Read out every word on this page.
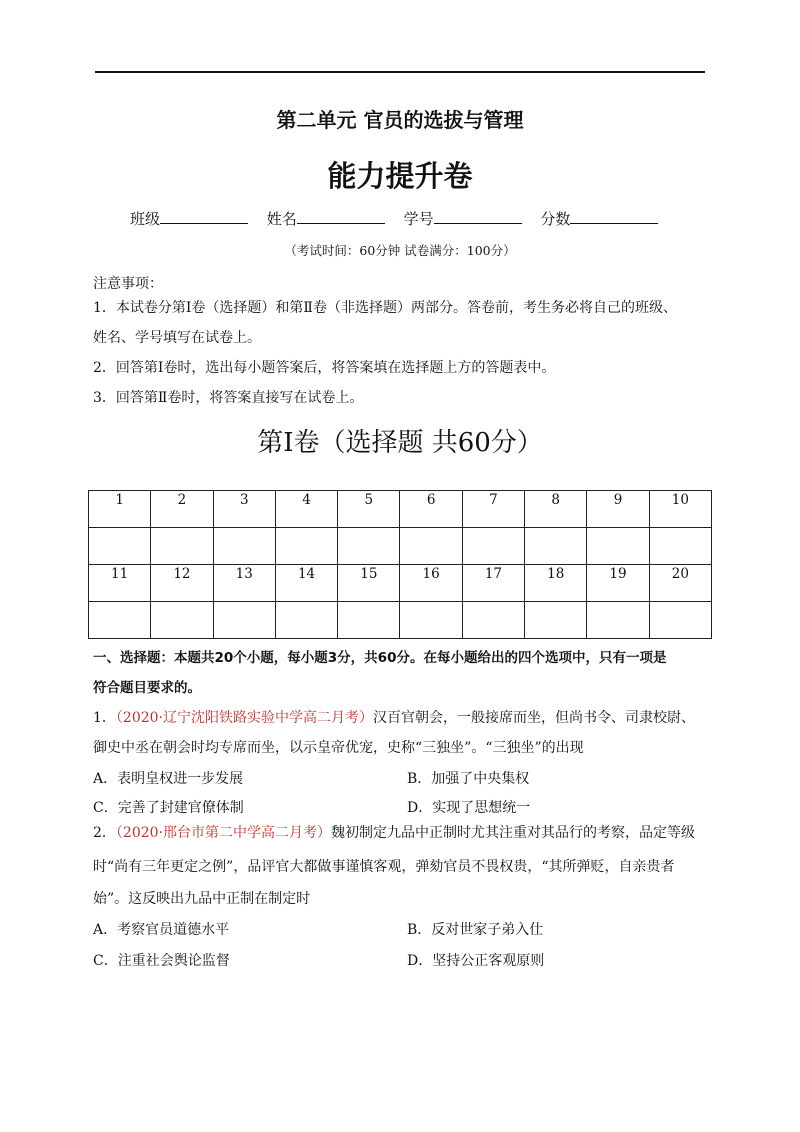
第二单元 官员的选拔与管理
能力提升卷
班级	姓名	学号	分数
（考试时间：60分钟 试卷满分：100分）
注意事项：
1．本试卷分第Ⅰ卷（选择题）和第Ⅱ卷（非选择题）两部分。答卷前，考生务必将自己的班级、
姓名、学号填写在试卷上。
2．回答第Ⅰ卷时，选出每小题答案后，将答案填在选择题上方的答题表中。
3．回答第Ⅱ卷时，将答案直接写在试卷上。
第Ⅰ卷（选择题 共60分）
1	2	3	4	5	6	7	8	9	10

11	12	13	14	15	16	17	18	19	20

一、选择题：本题共20个小题，每小题3分，共60分。在每小题给出的四个选项中，只有一项是
符合题目要求的。
1．（2020·辽宁沈阳铁路实验中学高二月考）汉百官朝会，一般接席而坐，但尚书令、司隶校尉、
御史中丞在朝会时均专席而坐，以示皇帝优宠，史称“三独坐”。“三独坐”的出现
A．表明皇权进一步发展	B．加强了中央集权
C．完善了封建官僚体制	D．实现了思想统一
2．（2020·邢台市第二中学高二月考）魏初制定九品中正制时尤其注重对其品行的考察，品定等级
时“尚有三年更定之例”，品评官大都做事谨慎客观，弹劾官员不畏权贵，“其所弹贬，自亲贵者
始”。这反映出九品中正制在制定时
A．考察官员道德水平	B．反对世家子弟入仕
C．注重社会舆论监督	D．坚持公正客观原则
